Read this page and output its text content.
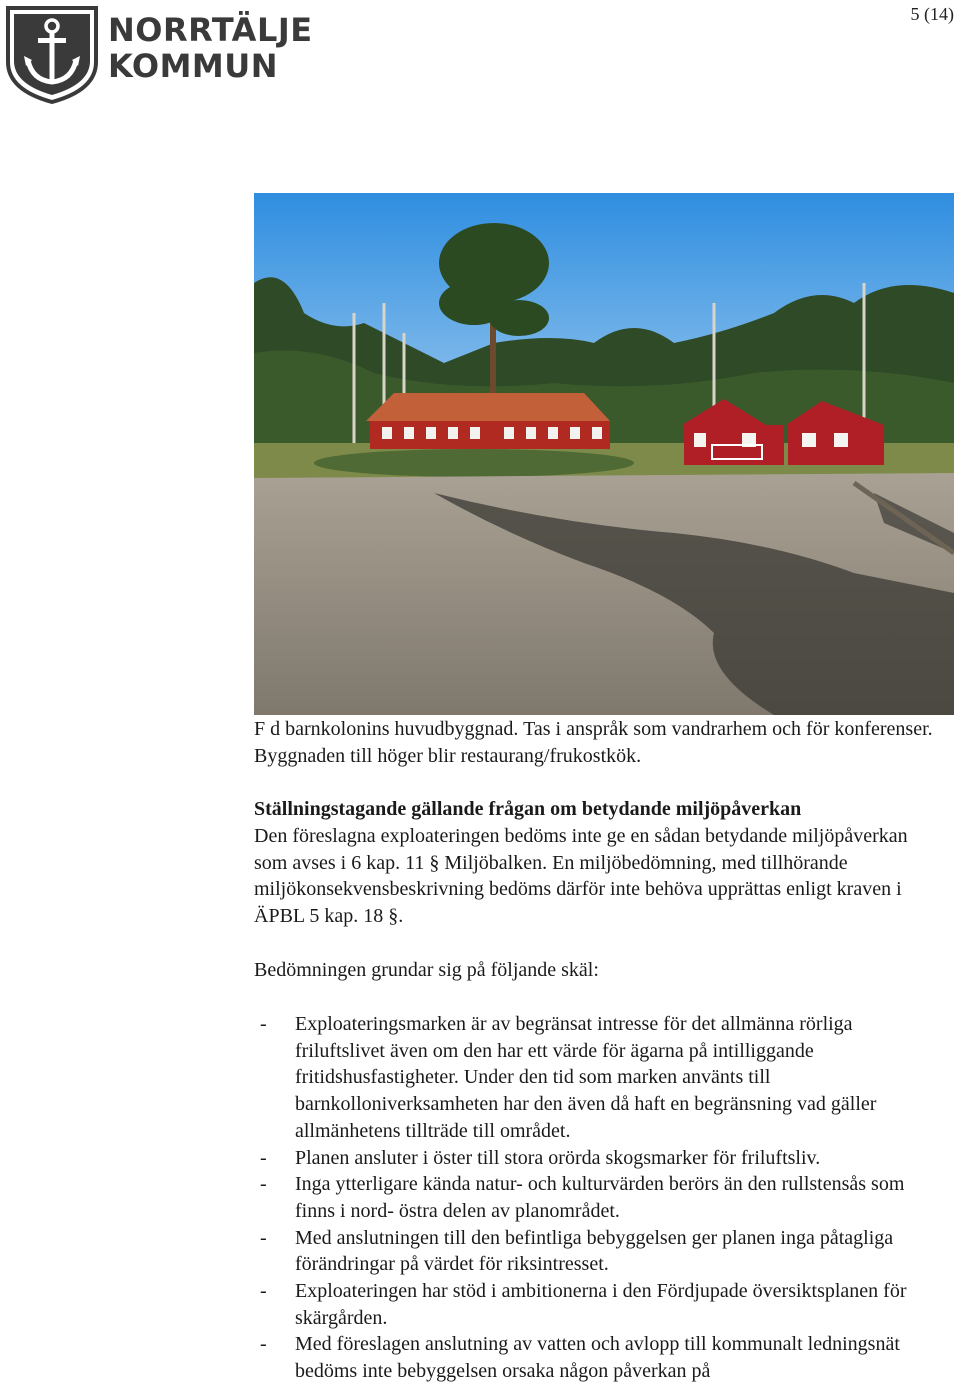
NORRTÄLJE
KOMMUN
5 (14)
F d barnkolonins huvudbyggnad. Tas i anspråk som vandrarhem och för konferenser. Byggnaden till höger blir restaurang/frukostkök.
Ställningstagande gällande frågan om betydande miljöpåverkan
Den föreslagna exploateringen bedöms inte ge en sådan betydande miljöpåverkan som avses i 6 kap. 11 § Miljöbalken. En miljöbedömning, med tillhörande miljökonsekvensbeskrivning bedöms därför inte behöva upprättas enligt kraven i ÄPBL 5 kap. 18 §.
Bedömningen grundar sig på följande skäl:
- Exploateringsmarken är av begränsat intresse för det allmänna rörliga friluftslivet även om den har ett värde för ägarna på intilliggande fritidshusfastigheter. Under den tid som marken använts till barnkolloniverksamheten har den även då haft en begränsning vad gäller allmänhetens tillträde till området.
- Planen ansluter i öster till stora orörda skogsmarker för friluftsliv.
- Inga ytterligare kända natur- och kulturvärden berörs än den rullstensås som finns i nord- östra delen av planområdet.
- Med anslutningen till den befintliga bebyggelsen ger planen inga påtagliga förändringar på värdet för riksintresset.
- Exploateringen har stöd i ambitionerna i den Fördjupade översiktsplanen för skärgården.
- Med föreslagen anslutning av vatten och avlopp till kommunalt ledningsnät bedöms inte bebyggelsen orsaka någon påverkan på
